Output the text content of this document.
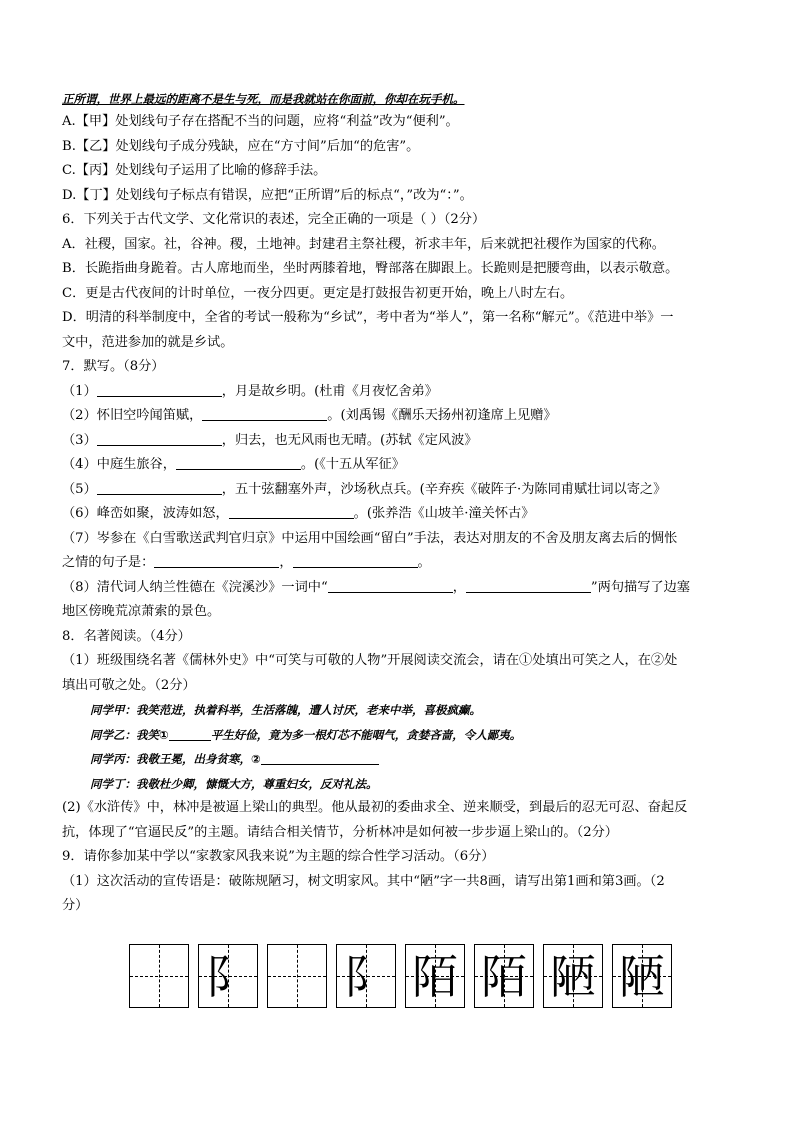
正所谓，世界上最远的距离不是生与死，而是我就站在你面前，你却在玩手机。
A.【甲】处划线句子存在搭配不当的问题，应将“利益”改为“便利”。
B.【乙】处划线句子成分残缺，应在“方寸间”后加“的危害”。
C.【丙】处划线句子运用了比喻的修辞手法。
D.【丁】处划线句子标点有错误，应把“正所谓”后的标点“，”改为“：”。
6．下列关于古代文学、文化常识的表述，完全正确的一项是（ ）（2分）
A．社稷，国家。社，谷神。稷，土地神。封建君主祭社稷，祈求丰年，后来就把社稷作为国家的代称。
B．长跪指曲身跪着。古人席地而坐，坐时两膝着地，臀部落在脚跟上。长跪则是把腰弯曲，以表示敬意。
C．更是古代夜间的计时单位，一夜分四更。更定是打鼓报告初更开始，晚上八时左右。
D．明清的科举制度中，全省的考试一般称为“乡试”，考中者为“举人”，第一名称“解元”。《范进中举》一
文中，范进参加的就是乡试。
7．默写。（8分）
（1）	，月是故乡明。(杜甫《月夜忆舍弟》
（2）怀旧空吟闻笛赋，	。(刘禹锡《酬乐天扬州初逢席上见赠》
（3）	，归去，也无风雨也无晴。(苏轼《定风波》
（4）中庭生旅谷，	。(《十五从军征》
（5）	，五十弦翻塞外声，沙场秋点兵。(辛弃疾《破阵子·为陈同甫赋壮词以寄之》
（6）峰峦如聚，波涛如怒，	。(张养浩《山坡羊·潼关怀古》
（7）岑参在《白雪歌送武判官归京》中运用中国绘画“留白”手法，表达对朋友的不舍及朋友离去后的惆怅
之情的句子是：	，	。
（8）清代词人纳兰性德在《浣溪沙》一词中“	，	”两句描写了边塞
地区傍晚荒凉萧索的景色。
8．名著阅读。（4分）
（1）班级围绕名著《儒林外史》中“可笑与可敬的人物”开展阅读交流会，请在①处填出可笑之人，在②处
填出可敬之处。（2分）
同学甲：我笑范进，执着科举，生活落魄，遭人讨厌，老来中举，喜极疯癫。
同学乙：我笑①	平生好俭，竟为多一根灯芯不能咽气，贪婪吝啬，令人鄙夷。
同学丙：我敬王冕，出身贫寒，②
同学丁：我敬杜少卿，慷慨大方，尊重妇女，反对礼法。
(2)《水浒传》中，林冲是被逼上梁山的典型。他从最初的委曲求全、逆来顺受，到最后的忍无可忍、奋起反
抗，体现了“官逼民反”的主题。请结合相关情节，分析林冲是如何被一步步逼上梁山的。（2分）
9．请你参加某中学以“家教家风我来说”为主题的综合性学习活动。（6分）
（1）这次活动的宣传语是：破陈规陋习，树文明家风。其中“陋”字一共8画，请写出第1画和第3画。（2
分）
阝 阝 陌 陌 陋 陋
